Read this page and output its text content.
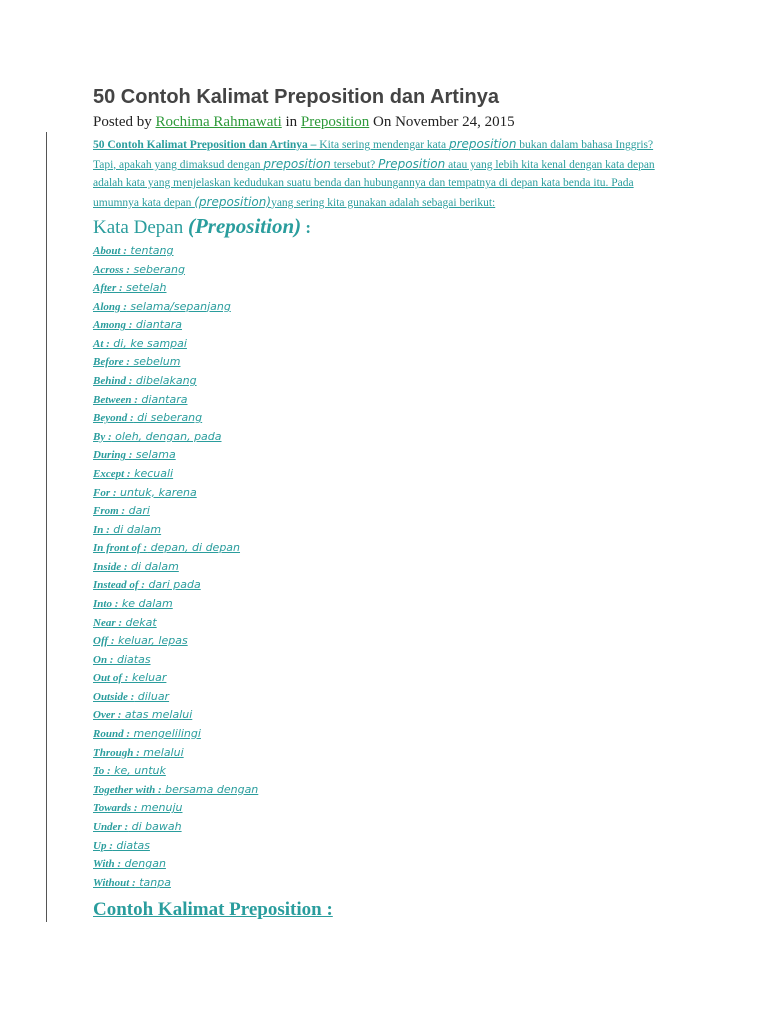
50 Contoh Kalimat Preposition dan Artinya
Posted by Rochima Rahmawati in Preposition On November 24, 2015
50 Contoh Kalimat Preposition dan Artinya – Kita sering mendengar kata preposition bukan dalam bahasa Inggris? Tapi, apakah yang dimaksud dengan preposition tersebut? Preposition atau yang lebih kita kenal dengan kata depan adalah kata yang menjelaskan kedudukan suatu benda dan hubungannya dan tempatnya di depan kata benda itu. Pada umumnya kata depan (preposition)yang sering kita gunakan adalah sebagai berikut:
Kata Depan (Preposition) :
About : tentang
Across : seberang
After : setelah
Along : selama/sepanjang
Among : diantara
At : di, ke sampai
Before : sebelum
Behind : dibelakang
Between : diantara
Beyond : di seberang
By : oleh, dengan, pada
During : selama
Except : kecuali
For : untuk, karena
From : dari
In : di dalam
In front of : depan, di depan
Inside : di dalam
Instead of : dari pada
Into : ke dalam
Near : dekat
Off : keluar, lepas
On : diatas
Out of : keluar
Outside : diluar
Over : atas melalui
Round : mengelilingi
Through : melalui
To : ke, untuk
Together with : bersama dengan
Towards : menuju
Under : di bawah
Up : diatas
With : dengan
Without : tanpa
Contoh Kalimat Preposition :
